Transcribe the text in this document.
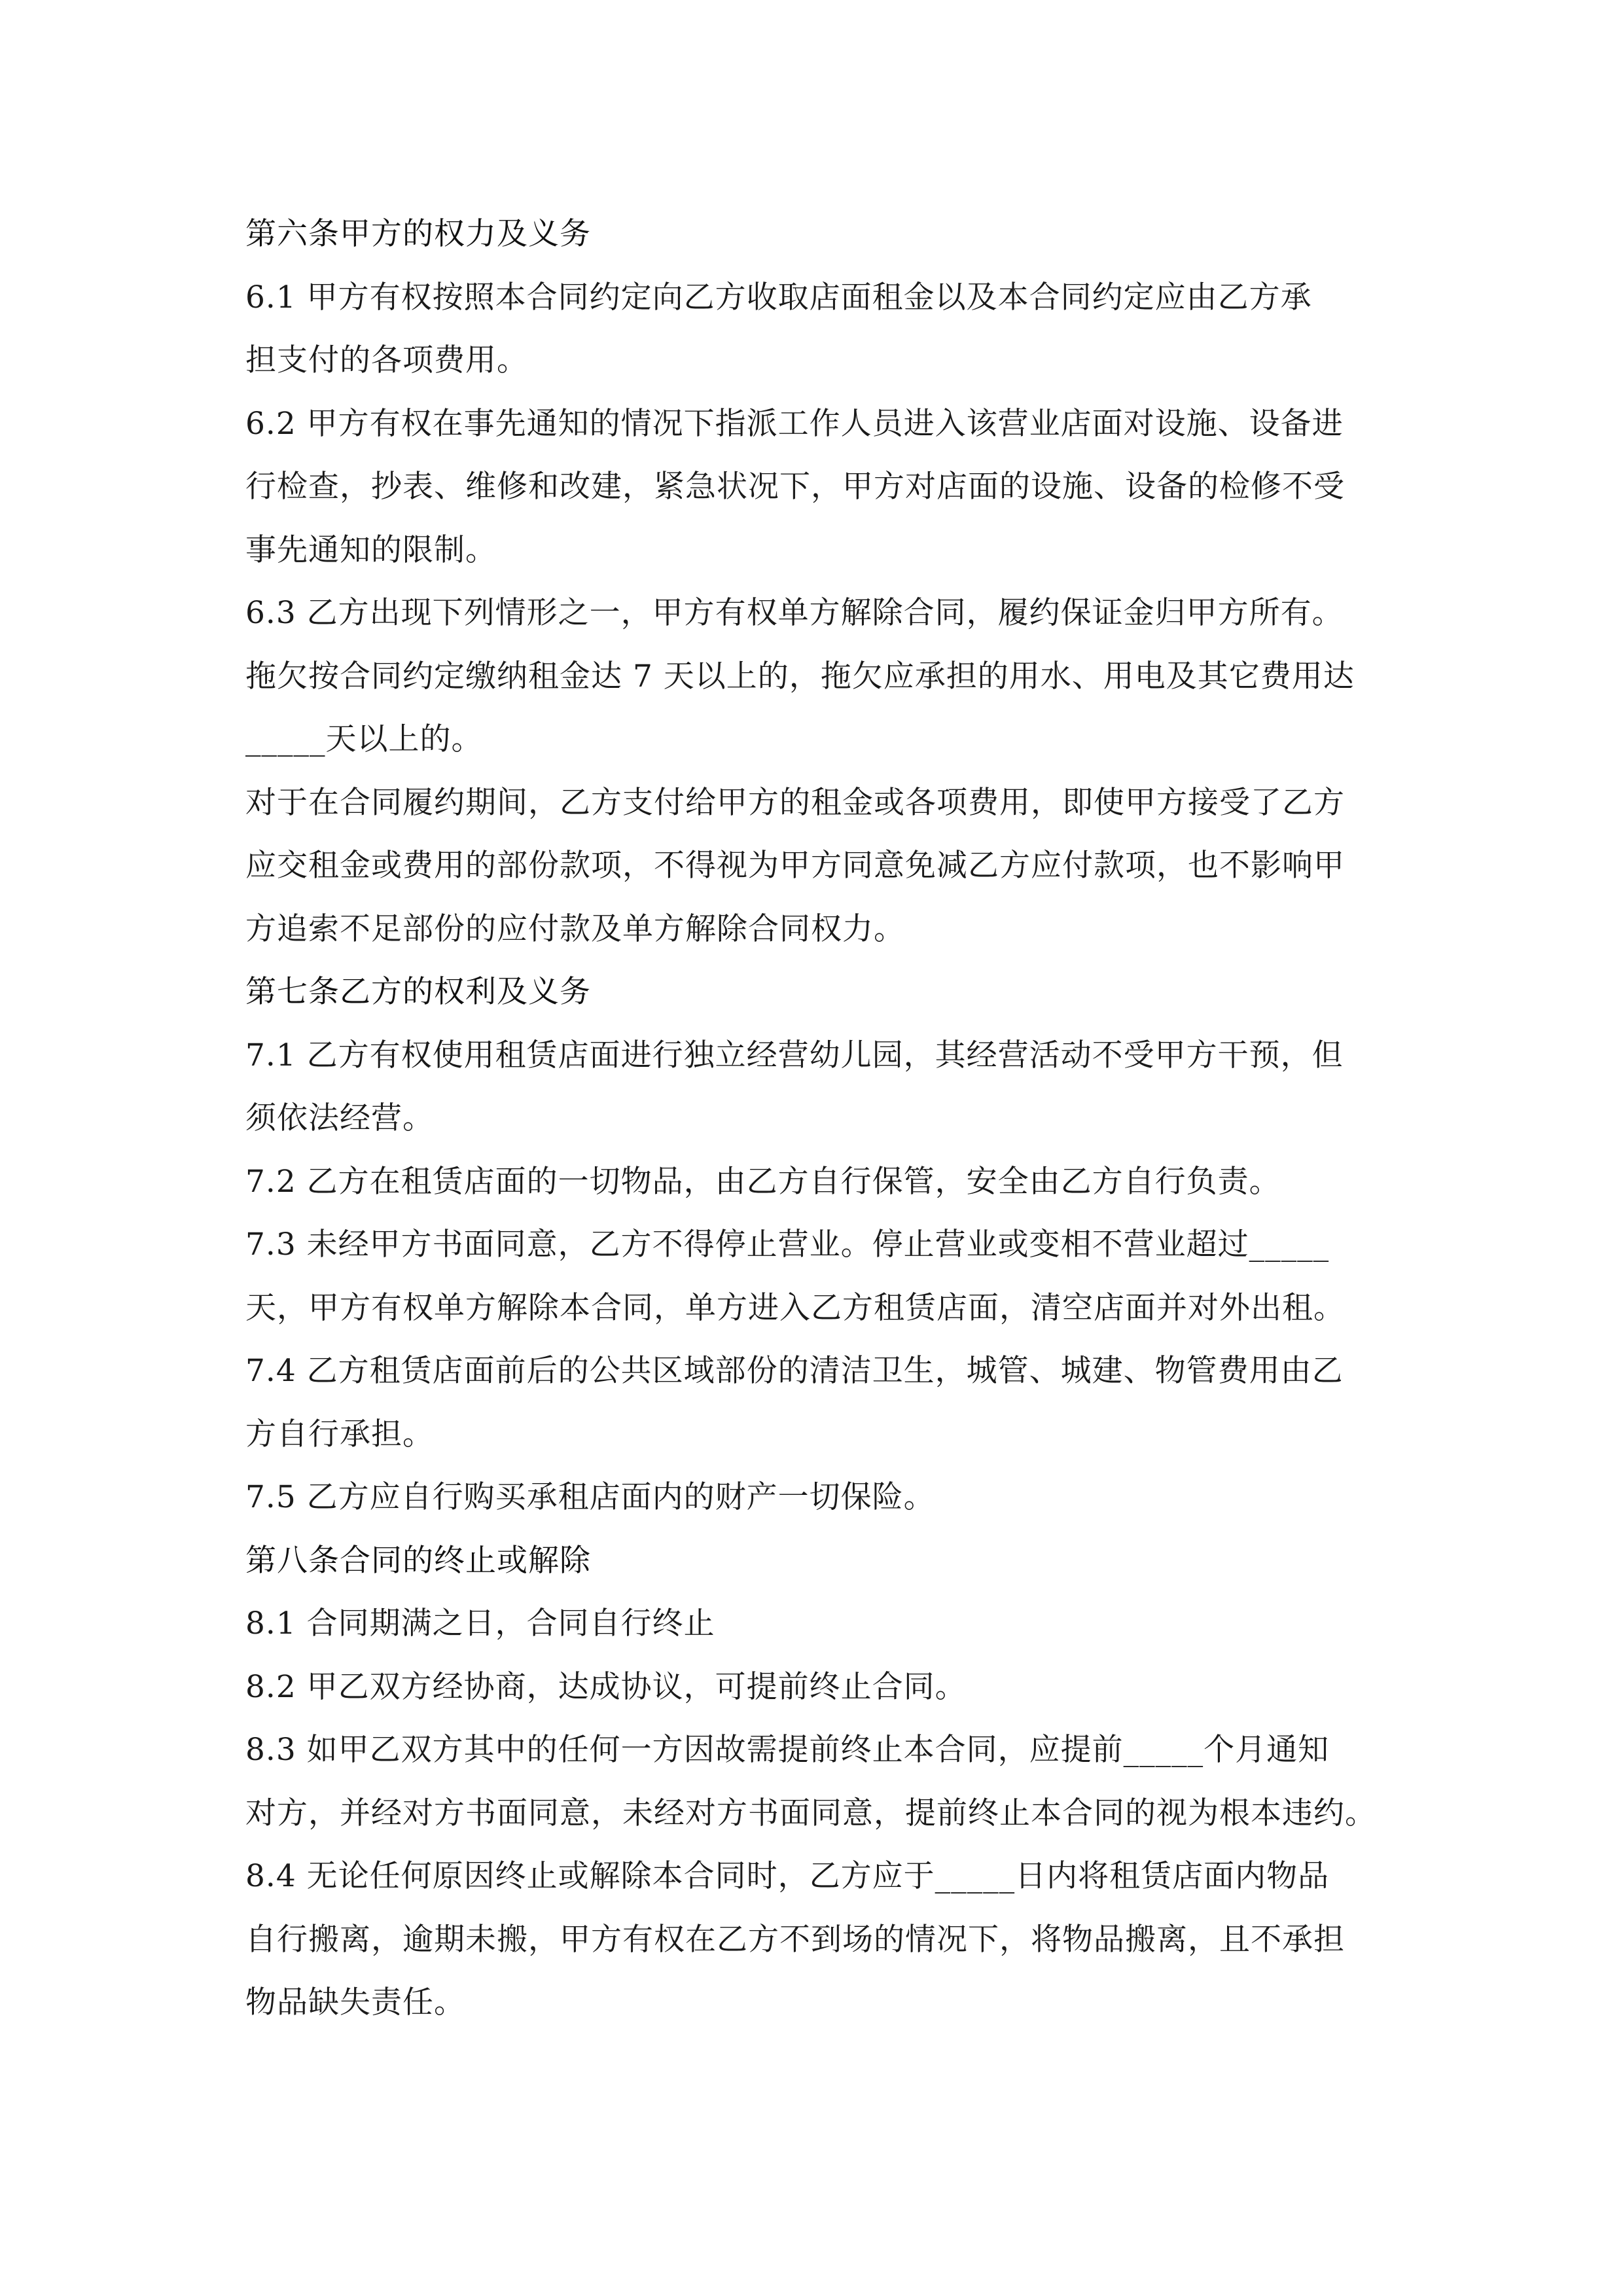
第六条甲方的权力及义务
6.1 甲方有权按照本合同约定向乙方收取店面租金以及本合同约定应由乙方承
担支付的各项费用。
6.2 甲方有权在事先通知的情况下指派工作人员进入该营业店面对设施、设备进
行检查，抄表、维修和改建，紧急状况下，甲方对店面的设施、设备的检修不受
事先通知的限制。
6.3 乙方出现下列情形之一，甲方有权单方解除合同，履约保证金归甲方所有。
拖欠按合同约定缴纳租金达 7 天以上的，拖欠应承担的用水、用电及其它费用达
_____天以上的。
对于在合同履约期间，乙方支付给甲方的租金或各项费用，即使甲方接受了乙方
应交租金或费用的部份款项，不得视为甲方同意免减乙方应付款项，也不影响甲
方追索不足部份的应付款及单方解除合同权力。
第七条乙方的权利及义务
7.1 乙方有权使用租赁店面进行独立经营幼儿园，其经营活动不受甲方干预，但
须依法经营。
7.2 乙方在租赁店面的一切物品，由乙方自行保管，安全由乙方自行负责。
7.3 未经甲方书面同意，乙方不得停止营业。停止营业或变相不营业超过_____
天，甲方有权单方解除本合同，单方进入乙方租赁店面，清空店面并对外出租。
7.4 乙方租赁店面前后的公共区域部份的清洁卫生，城管、城建、物管费用由乙
方自行承担。
7.5 乙方应自行购买承租店面内的财产一切保险。
第八条合同的终止或解除
8.1 合同期满之日，合同自行终止
8.2 甲乙双方经协商，达成协议，可提前终止合同。
8.3 如甲乙双方其中的任何一方因故需提前终止本合同，应提前_____个月通知
对方，并经对方书面同意，未经对方书面同意，提前终止本合同的视为根本违约。
8.4 无论任何原因终止或解除本合同时，乙方应于_____日内将租赁店面内物品
自行搬离，逾期未搬，甲方有权在乙方不到场的情况下，将物品搬离，且不承担
物品缺失责任。
